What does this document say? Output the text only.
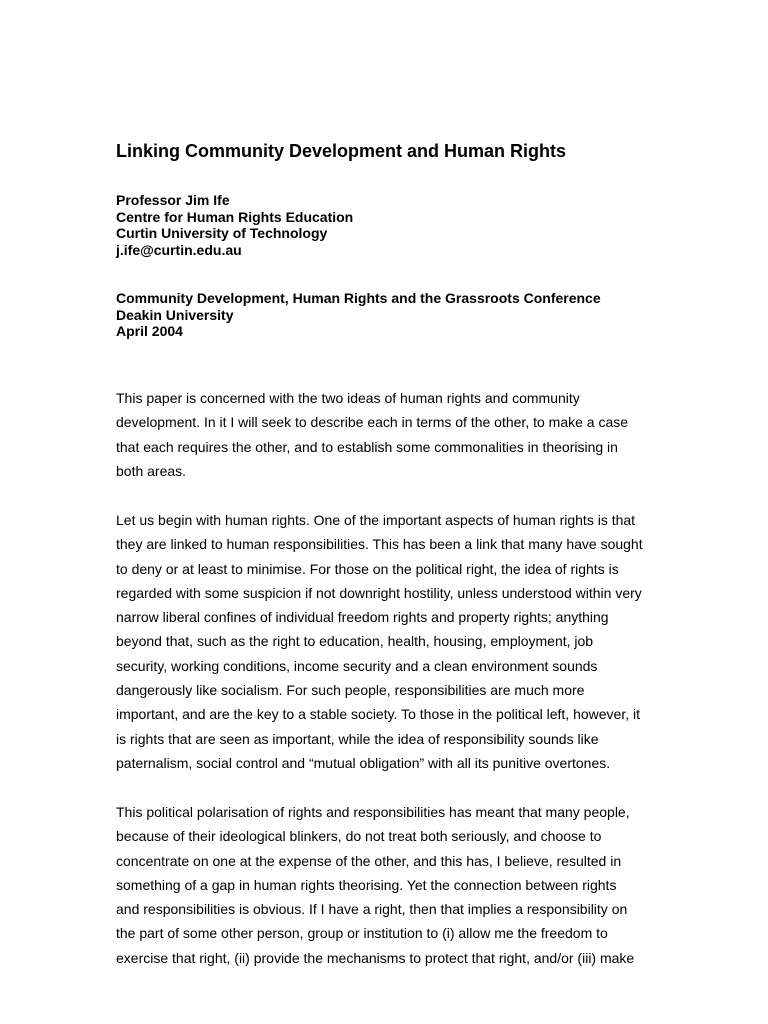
Linking Community Development and Human Rights
Professor Jim Ife
Centre for Human Rights Education
Curtin University of Technology
j.ife@curtin.edu.au
Community Development, Human Rights and the Grassroots Conference
Deakin University
April 2004

This paper is concerned with the two ideas of human rights and community
development. In it I will seek to describe each in terms of the other, to make a case
that each requires the other, and to establish some commonalities in theorising in
both areas.

Let us begin with human rights. One of the important aspects of human rights is that
they are linked to human responsibilities. This has been a link that many have sought
to deny or at least to minimise. For those on the political right, the idea of rights is
regarded with some suspicion if not downright hostility, unless understood within very
narrow liberal confines of individual freedom rights and property rights; anything
beyond that, such as the right to education, health, housing, employment, job
security, working conditions, income security and a clean environment sounds
dangerously like socialism. For such people, responsibilities are much more
important, and are the key to a stable society. To those in the political left, however, it
is rights that are seen as important, while the idea of responsibility sounds like
paternalism, social control and “mutual obligation” with all its punitive overtones.

This political polarisation of rights and responsibilities has meant that many people,
because of their ideological blinkers, do not treat both seriously, and choose to
concentrate on one at the expense of the other, and this has, I believe, resulted in
something of a gap in human rights theorising. Yet the connection between rights
and responsibilities is obvious. If I have a right, then that implies a responsibility on
the part of some other person, group or institution to (i) allow me the freedom to
exercise that right, (ii) provide the mechanisms to protect that right, and/or (iii) make
